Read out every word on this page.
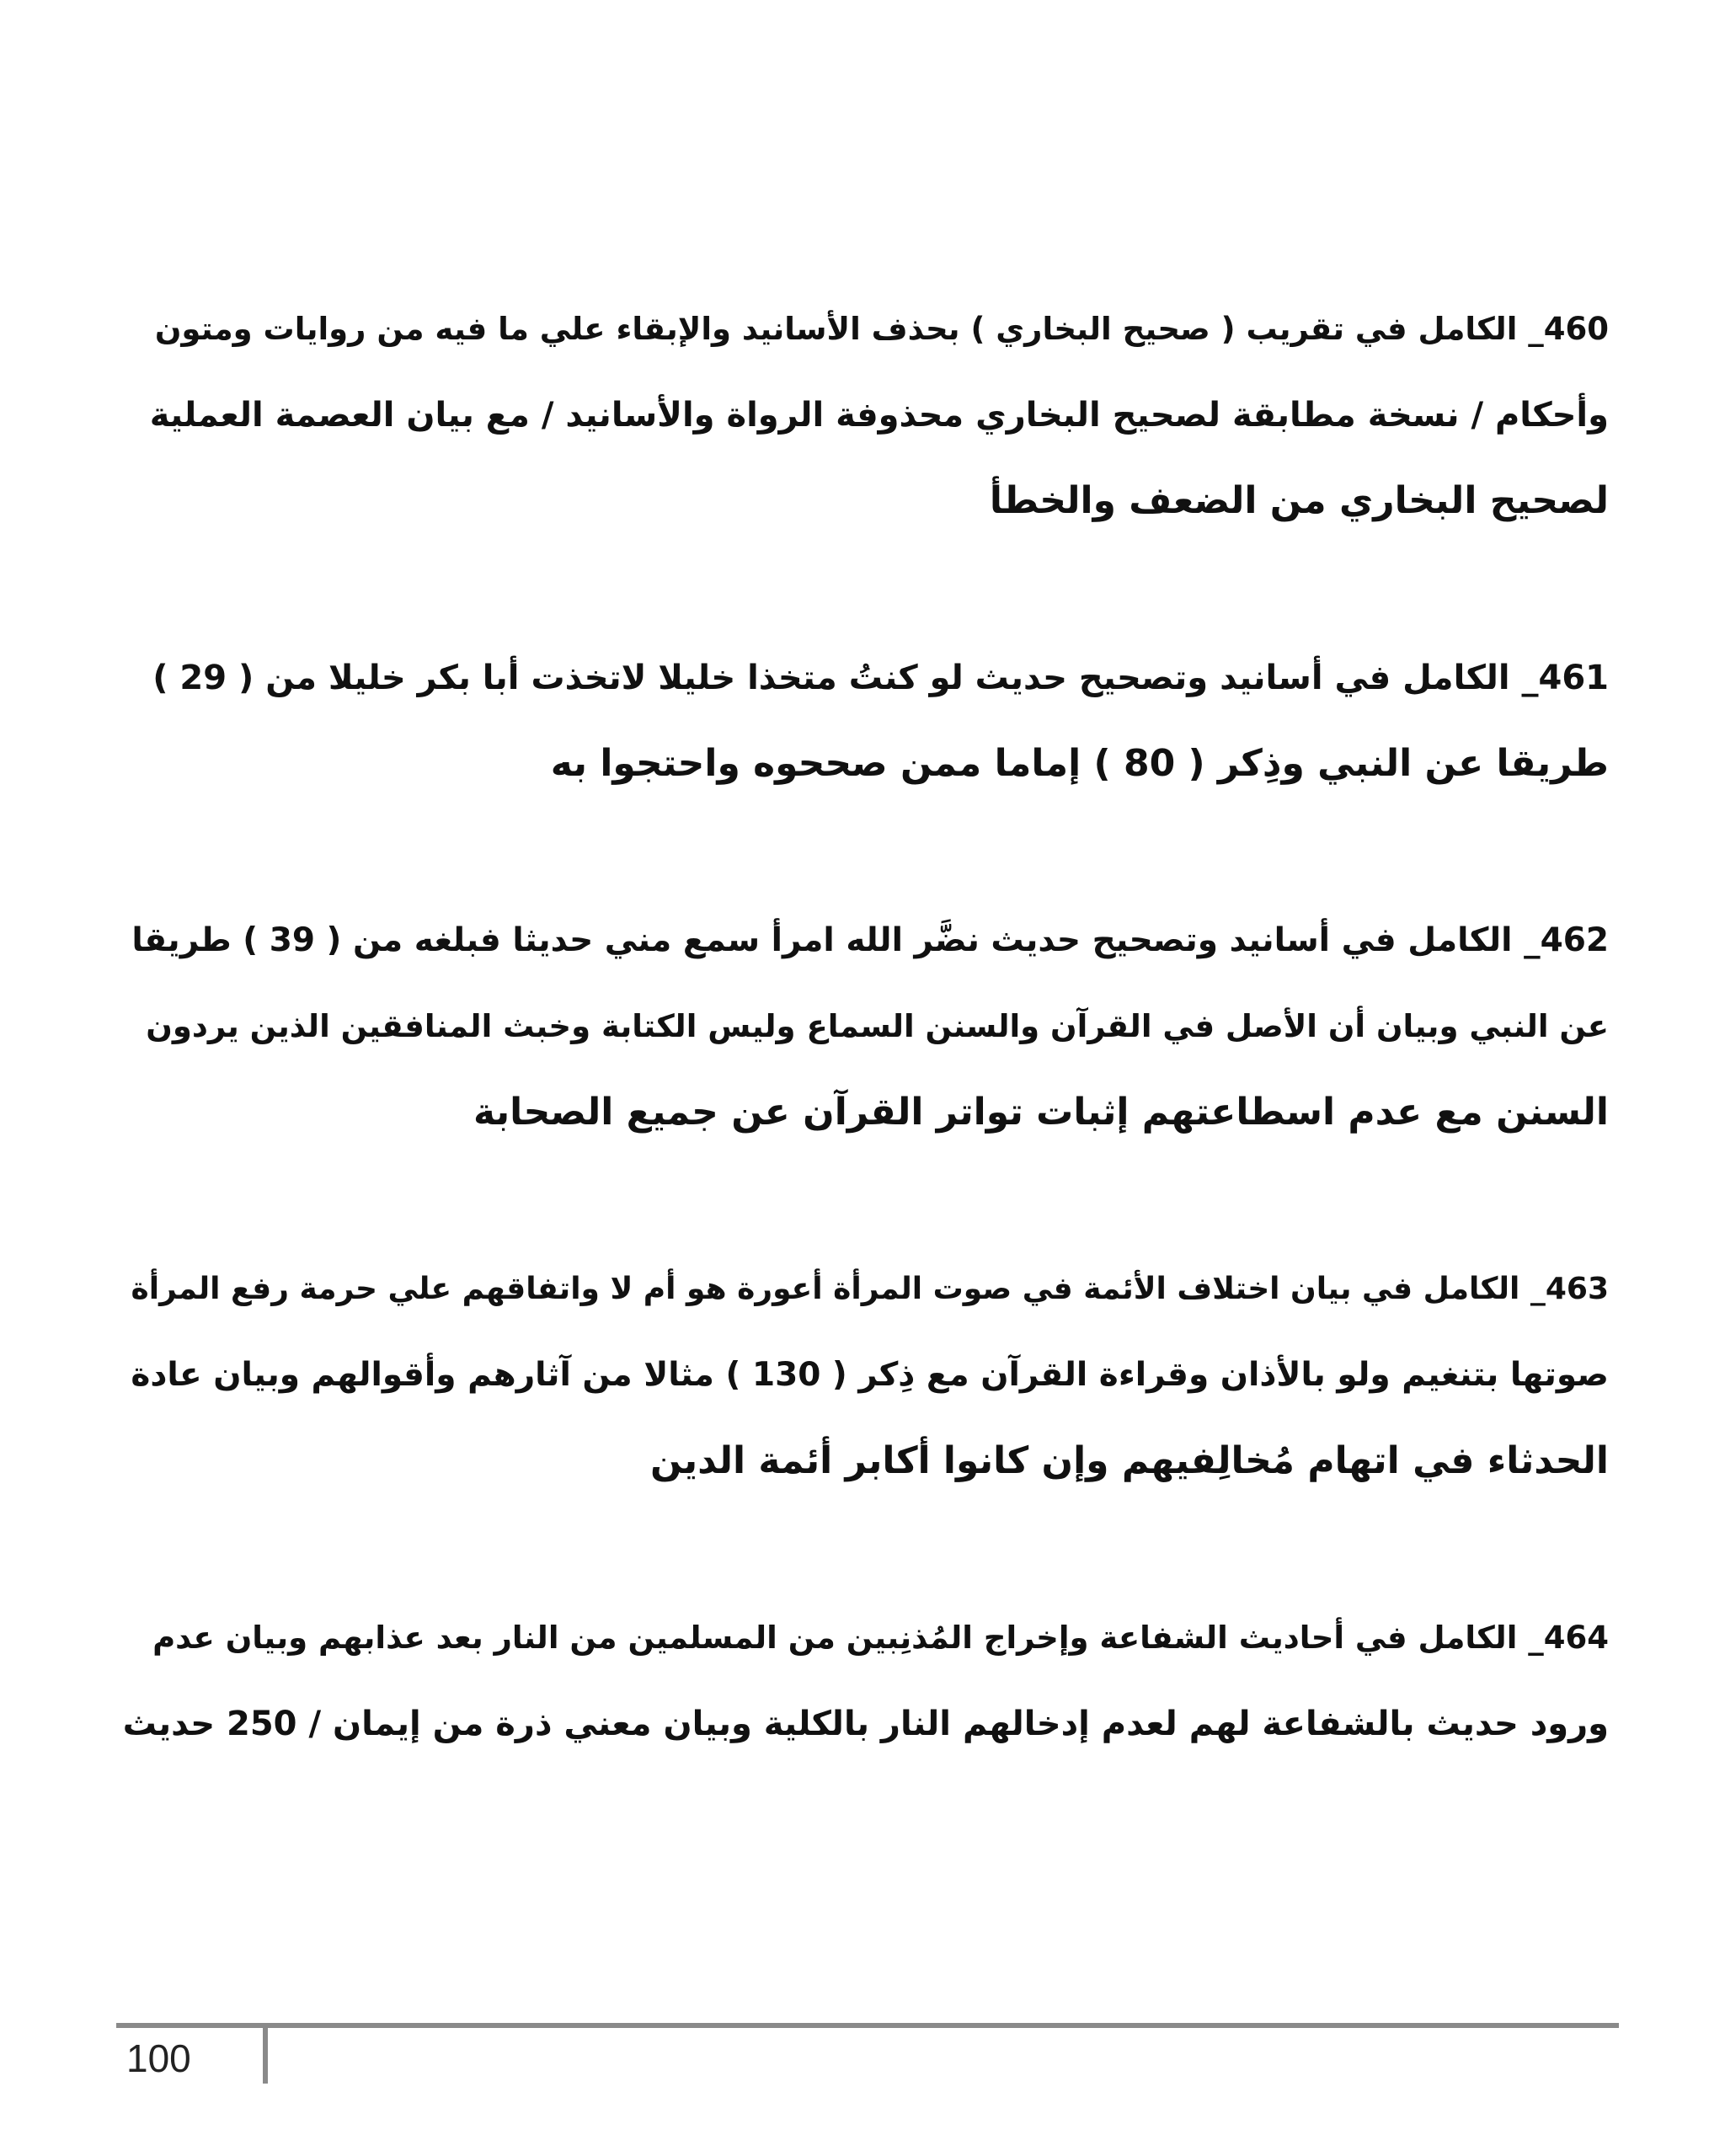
460_ الكامل في تقريب ( صحيح البخاري ) بحذف الأسانيد والإبقاء علي ما فيه من روايات ومتون
وأحكام / نسخة مطابقة لصحيح البخاري محذوفة الرواة والأسانيد / مع بيان العصمة العملية
لصحيح البخاري من الضعف والخطأ
461_ الكامل في أسانيد وتصحيح حديث لو كنتُ متخذا خليلا لاتخذت أبا بكر خليلا من ( 29 )
طريقا عن النبي وذِكر ( 80 ) إماما ممن صححوه واحتجوا به
462_ الكامل في أسانيد وتصحيح حديث نضَّر الله امرأ سمع مني حديثا فبلغه من ( 39 ) طريقا
عن النبي وبيان أن الأصل في القرآن والسنن السماع وليس الكتابة وخبث المنافقين الذين يردون
السنن مع عدم اسطاعتهم إثبات تواتر القرآن عن جميع الصحابة
463_ الكامل في بيان اختلاف الأئمة في صوت المرأة أعورة هو أم لا واتفاقهم علي حرمة رفع المرأة
صوتها بتنغيم ولو بالأذان وقراءة القرآن مع ذِكر ( 130 ) مثالا من آثارهم وأقوالهم وبيان عادة
الحدثاء في اتهام مُخالِفيهم وإن كانوا أكابر أئمة الدين
464_ الكامل في أحاديث الشفاعة وإخراج المُذنِبين من المسلمين من النار بعد عذابهم وبيان عدم
ورود حديث بالشفاعة لهم لعدم إدخالهم النار بالكلية وبيان معني ذرة من إيمان / 250 حديث
100
